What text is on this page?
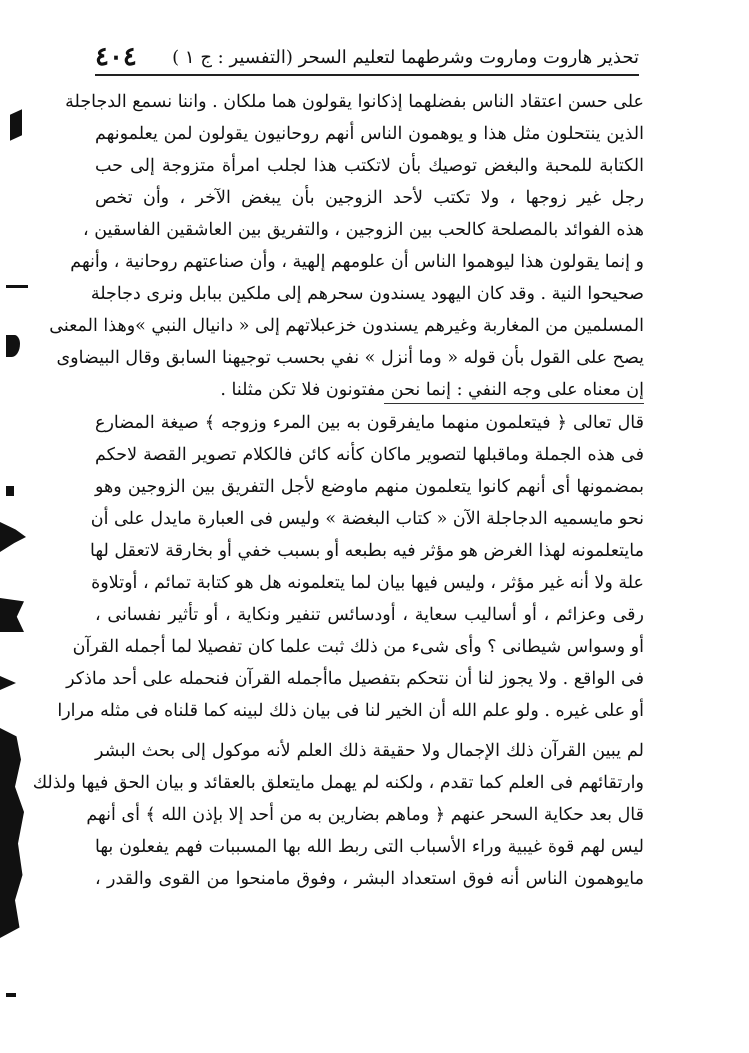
تحذير هاروت وماروت وشرطهما لتعليم السحر (التفسير : ج ١ )
٤٠٤
على حسن اعتقاد الناس بفضلهما إذكانوا يقولون هما ملكان . واننا نسمع الدجاجلة
الذين ينتحلون مثل هذا و يوهمون الناس أنهم روحانيون يقولون لمن يعلمونهم
الكتابة للمحبة والبغض توصيك بأن لاتكتب هذا لجلب امرأة متزوجة إلى حب
رجل غير زوجها ، ولا تكتب لأحد الزوجين بأن يبغض الآخر ، وأن تخص
هذه الفوائد بالمصلحة كالحب بين الزوجين ، والتفريق بين العاشقين الفاسقين ،
و إنما يقولون هذا ليوهموا الناس أن علومهم إلهية ، وأن صناعتهم روحانية ، وأنهم
صحيحوا النية . وقد كان اليهود يسندون سحرهم إلى ملكين ببابل ونرى دجاجلة
المسلمين من المغاربة وغيرهم يسندون خزعبلاتهم إلى « دانيال النبي »وهذا المعنى
يصح على القول بأن قوله « وما أنزل » نفي بحسب توجيهنا السابق وقال البيضاوى
إن معناه على وجه النفي : إنما نحن مفتونون فلا تكن مثلنا .
قال تعالى ﴿ فيتعلمون منهما مايفرقون به بين المرء وزوجه ﴾ صيغة المضارع
فى هذه الجملة وماقبلها لتصوير ماكان كأنه كائن فالكلام تصوير القصة لاحكم
بمضمونها أى أنهم كانوا يتعلمون منهم ماوضع لأجل التفريق بين الزوجين وهو
نحو مايسميه الدجاجلة الآن « كتاب البغضة » وليس فى العبارة مايدل على أن
مايتعلمونه لهذا الغرض هو مؤثر فيه بطبعه أو بسبب خفي أو بخارقة لاتعقل لها
علة ولا أنه غير مؤثر ، وليس فيها بيان لما يتعلمونه هل هو كتابة تمائم ، أوتلاوة
رقى وعزائم ، أو أساليب سعاية ، أودسائس تنفير ونكاية ، أو تأثير نفسانى ،
أو وسواس شيطانى ؟ وأى شىء من ذلك ثبت علما كان تفصيلا لما أجمله القرآن
فى الواقع . ولا يجوز لنا أن نتحكم بتفصيل ماأجمله القرآن فنحمله على أحد ماذكر
أو على غيره . ولو علم الله أن الخير لنا فى بيان ذلك لبينه كما قلناه فى مثله مرارا
لم يبين القرآن ذلك الإجمال ولا حقيقة ذلك العلم لأنه موكول إلى بحث البشر
وارتقائهم فى العلم كما تقدم ، ولكنه لم يهمل مايتعلق بالعقائد و بيان الحق فيها ولذلك
قال بعد حكاية السحر عنهم ﴿ وماهم بضارين به من أحد إلا بإذن الله ﴾ أى أنهم
ليس لهم قوة غيبية وراء الأسباب التى ربط الله بها المسببات فهم يفعلون بها
مايوهمون الناس أنه فوق استعداد البشر ، وفوق مامنحوا من القوى والقدر ،
